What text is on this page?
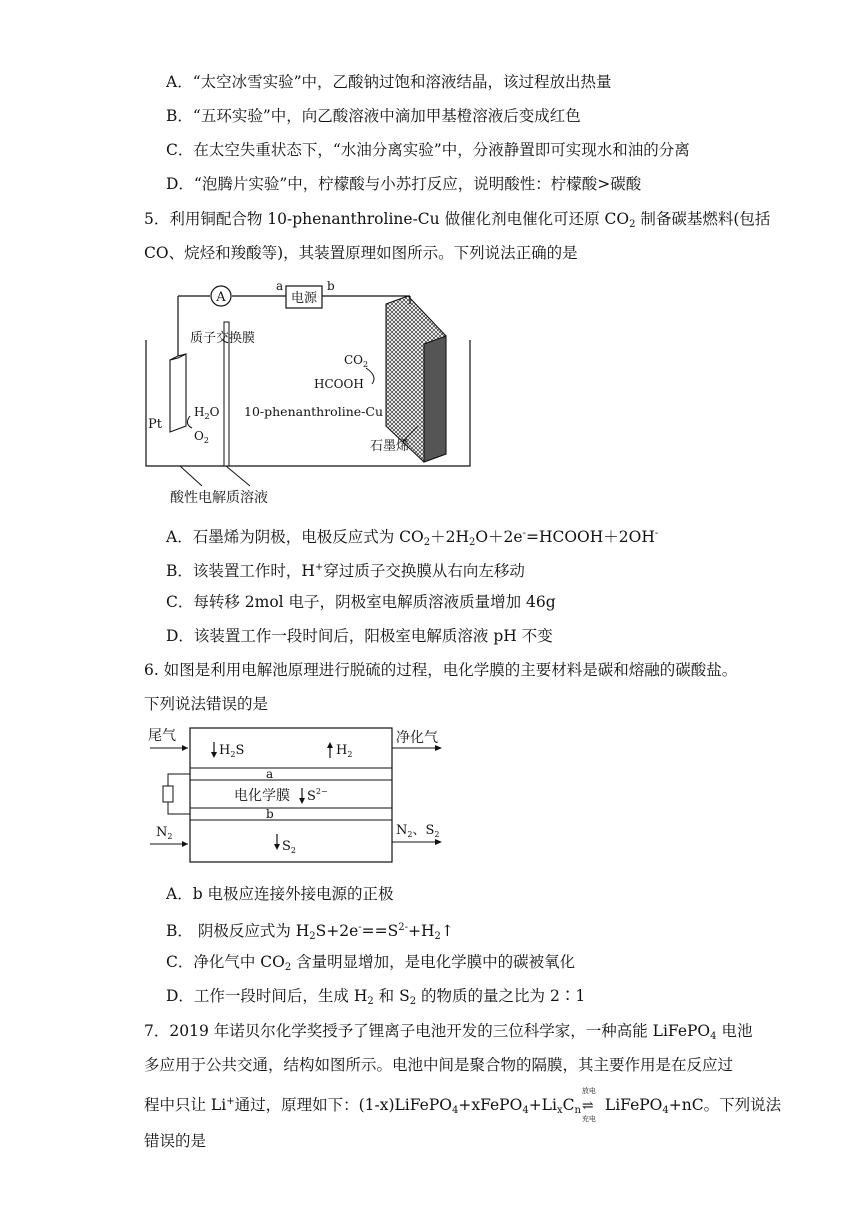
A．“太空冰雪实验”中，乙酸钠过饱和溶液结晶，该过程放出热量
B．“五环实验”中，向乙酸溶液中滴加甲基橙溶液后变成红色
C．在太空失重状态下，“水油分离实验”中，分液静置即可实现水和油的分离
D．“泡腾片实验”中，柠檬酸与小苏打反应，说明酸性：柠檬酸>碳酸
5．利用铜配合物 10-phenanthroline-Cu 做催化剂电催化可还原 $CO_2$ 制备碳基燃料(包括
CO、烷烃和羧酸等)，其装置原理如图所示。下列说法正确的是
A	电源
a	b
Pt
$H_2O$
$O_2$
质子交换膜
酸性电解质溶液
$CO_2$
HCOOH
10-phenanthroline-Cu
石墨烯
A．石墨烯为阴极，电极反应式为 $CO_2+2H_2O+2e^-=HCOOH+2OH^-$
B．该装置工作时，H+穿过质子交换膜从右向左移动
C．每转移 2mol 电子，阴极室电解质溶液质量增加 46g
D．该装置工作一段时间后，阳极室电解质溶液 pH 不变
6. 如图是利用电解池原理进行脱硫的过程，电化学膜的主要材料是碳和熔融的碳酸盐。
下列说法错误的是
尾气
$H_2S$	$H_2$
净化气
a
电化学膜 $S^{2-}$
b
$N_2$	$N_2$、$S_2$
$S_2$
A．b 电极应连接外接电源的正极
B． 阴极反应式为 $H_2S+2e^-==S^{2-}+H_2↑$
C．净化气中 $CO_2$ 含量明显增加，是电化学膜中的碳被氧化
D．工作一段时间后，生成 $H_2$ 和 $S_2$ 的物质的量之比为 2∶1
7．2019 年诺贝尔化学奖授予了锂离子电池开发的三位科学家，一种高能 LiFePO$_4$ 电池
多应用于公共交通，结构如图所示。电池中间是聚合物的隔膜，其主要作用是在反应过
程中只让 Li+通过，原理如下：$(1-x)LiFePO_4+xFePO_4+Li_xC_n$
放电
⇌
充电
LiFePO$_4$+nC。下列说法
错误的是
